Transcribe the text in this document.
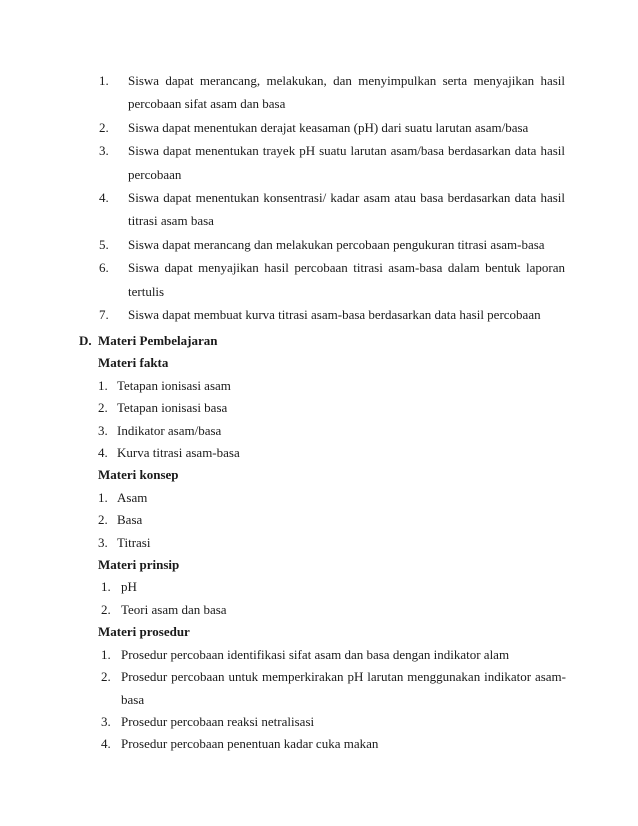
1.	Siswa dapat merancang, melakukan, dan menyimpulkan serta menyajikan hasil percobaan sifat asam dan basa
2.	Siswa dapat menentukan derajat keasaman (pH) dari suatu larutan asam/basa
3.	Siswa dapat menentukan trayek pH suatu larutan asam/basa berdasarkan data hasil percobaan
4.	Siswa dapat menentukan konsentrasi/ kadar asam atau basa berdasarkan data hasil titrasi asam basa
5.	Siswa dapat merancang dan melakukan percobaan pengukuran titrasi asam-basa
6.	Siswa dapat menyajikan hasil percobaan titrasi asam-basa dalam bentuk laporan tertulis
7.	Siswa dapat membuat kurva titrasi asam-basa berdasarkan data hasil percobaan
D. Materi Pembelajaran
Materi fakta
1. Tetapan ionisasi asam
2. Tetapan ionisasi basa
3. Indikator asam/basa
4. Kurva titrasi asam-basa
Materi konsep
1. Asam
2. Basa
3. Titrasi
Materi prinsip
1. pH
2. Teori asam dan basa
Materi prosedur
1. Prosedur percobaan identifikasi sifat asam dan basa dengan indikator alam
2. Prosedur percobaan untuk memperkirakan pH larutan menggunakan indikator asam-basa
3. Prosedur percobaan reaksi netralisasi
4. Prosedur percobaan penentuan kadar cuka makan
